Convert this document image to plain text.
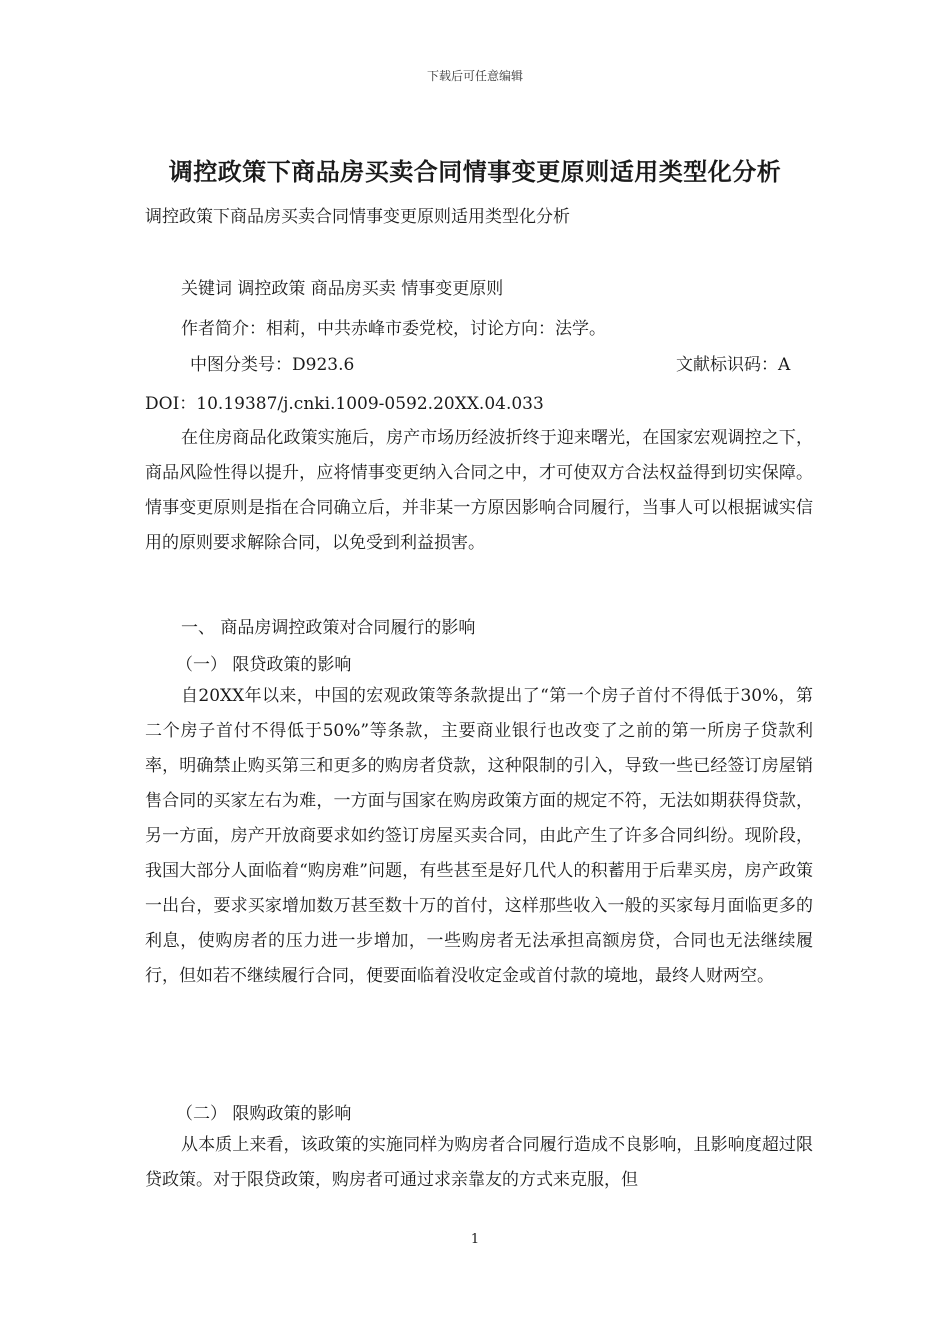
下载后可任意编辑
调控政策下商品房买卖合同情事变更原则适用类型化分析
调控政策下商品房买卖合同情事变更原则适用类型化分析
关键词 调控政策 商品房买卖 情事变更原则
作者简介：相莉，中共赤峰市委党校，讨论方向：法学。
中图分类号：D923.6	文献标识码：A
DOI：10.19387/j.cnki.1009-0592.20XX.04.033

在住房商品化政策实施后，房产市场历经波折终于迎来曙光，在国家宏观调控之下，商品风险性得以提升，应将情事变更纳入合同之中，才可使双方合法权益得到切实保障。情事变更原则是指在合同确立后，并非某一方原因影响合同履行，当事人可以根据诚实信用的原则要求解除合同，以免受到利益损害。

一、 商品房调控政策对合同履行的影响
（一） 限贷政策的影响

自20XX年以来，中国的宏观政策等条款提出了“第一个房子首付不得低于30%，第二个房子首付不得低于50%”等条款，主要商业银行也改变了之前的第一所房子贷款利率，明确禁止购买第三和更多的购房者贷款，这种限制的引入，导致一些已经签订房屋销售合同的买家左右为难，一方面与国家在购房政策方面的规定不符，无法如期获得贷款，另一方面，房产开放商要求如约签订房屋买卖合同，由此产生了许多合同纠纷。现阶段，我国大部分人面临着“购房难”问题，有些甚至是好几代人的积蓄用于后辈买房，房产政策一出台，要求买家增加数万甚至数十万的首付，这样那些收入一般的买家每月面临更多的利息，使购房者的压力进一步增加，一些购房者无法承担高额房贷，合同也无法继续履行，但如若不继续履行合同，便要面临着没收定金或首付款的境地，最终人财两空。

（二） 限购政策的影响

从本质上来看，该政策的实施同样为购房者合同履行造成不良影响，且影响度超过限贷政策。对于限贷政策，购房者可通过求亲靠友的方式来克服，但

1
